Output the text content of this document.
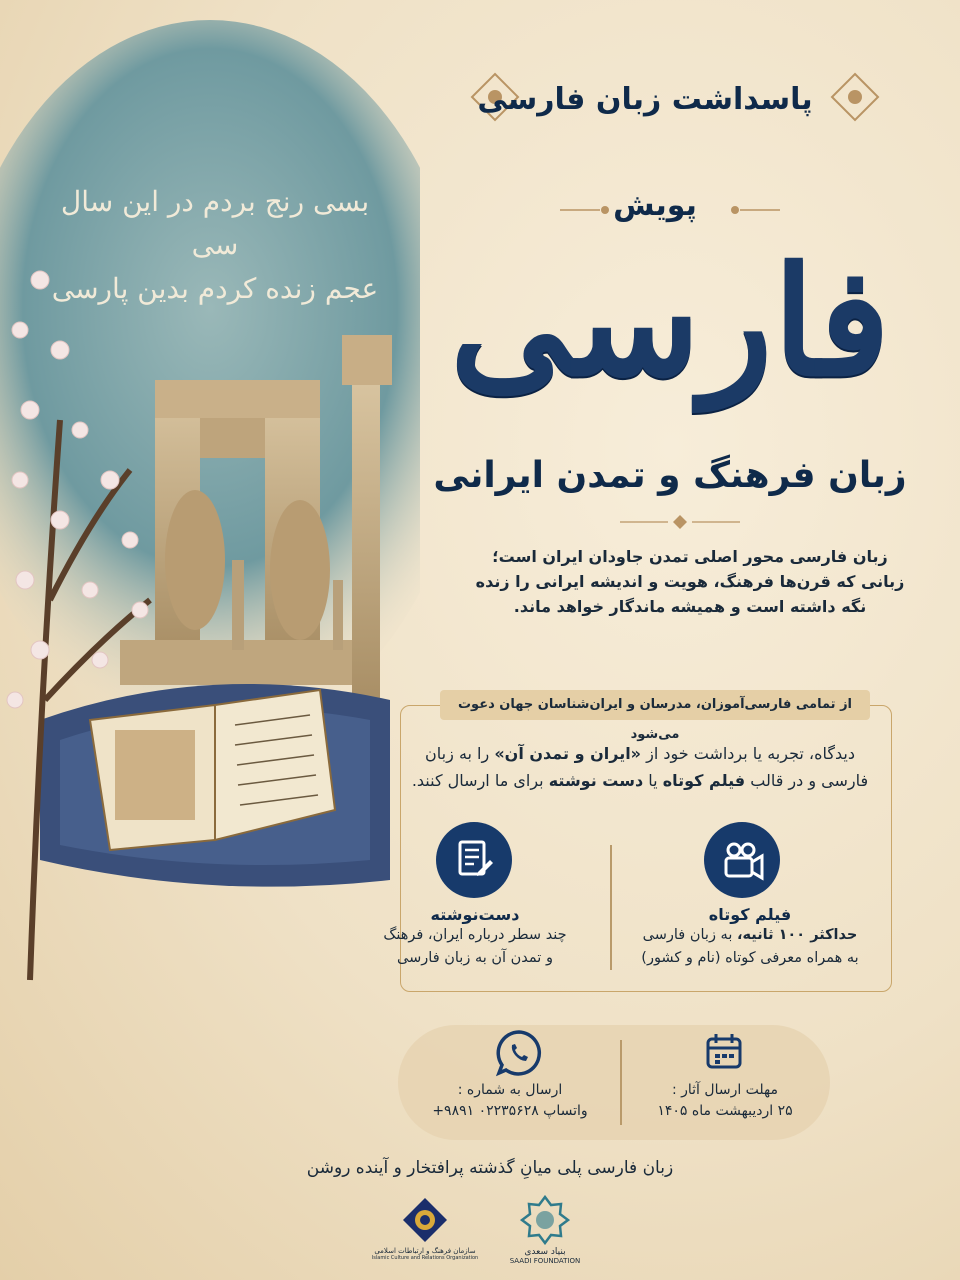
بسی رنج بردم در این سال سی
عجم زنده کردم بدین پارسی
پاسداشت زبان فارسی
پویش
فارسی
زبان فرهنگ و تمدن ایرانی
زبان فارسی محور اصلی تمدن جاودان ایران است؛
زبانی که قرن‌ها فرهنگ، هویت و اندیشه ایرانی را زنده
نگه داشته است و همیشه ماندگار خواهد ماند.
از تمامی فارسی‌آموزان، مدرسان و ایران‌شناسان جهان دعوت می‌شود
دیدگاه، تجربه یا برداشت خود از «ایران و تمدن آن» را به زبان
فارسی و در قالب فیلم کوتاه یا دست نوشته برای ما ارسال کنند.
فیلم کوتاه
حداکثر ۱۰۰ ثانیه، به زبان فارسی
به همراه معرفی کوتاه (نام و کشور)
دست‌نوشته
چند سطر درباره ایران، فرهنگ
و تمدن آن به زبان فارسی
مهلت ارسال آثار :
۲۵ اردیبهشت ماه ۱۴۰۵
ارسال به شماره :
واتساپ ۰۲۲۳۵۶۲۸ ۹۸۹۱+
زبان فارسی پلی میانِ گذشته پرافتخار و آینده روشن
بنیاد سعدی
SAADI FOUNDATION
سازمان فرهنگ و ارتباطات اسلامی
Islamic Culture and Relations Organization
